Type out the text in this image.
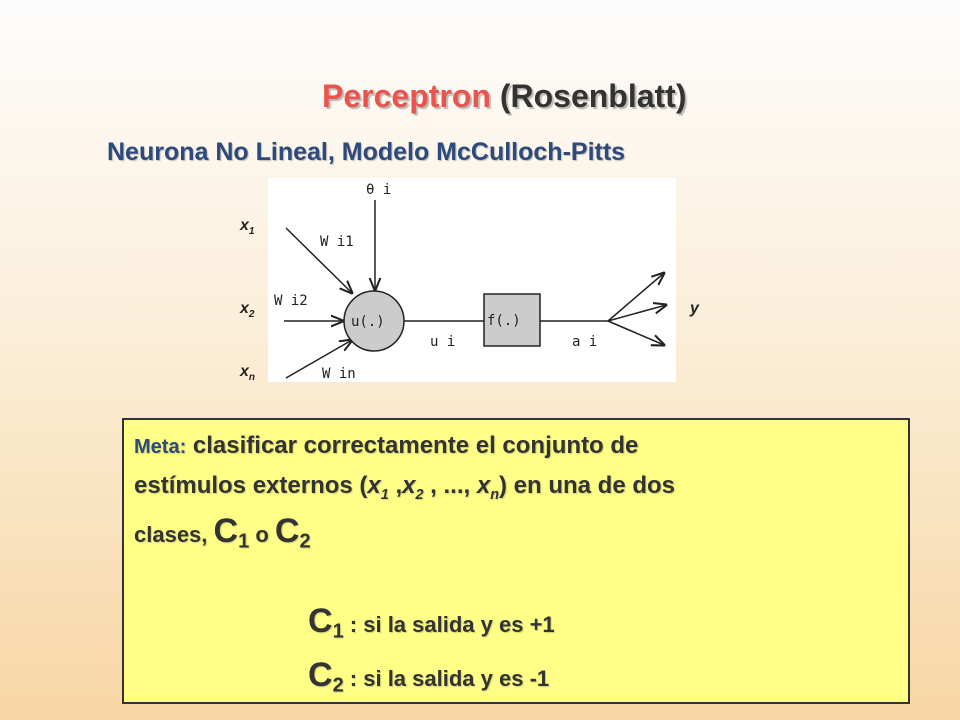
Perceptron (Rosenblatt)
Neurona No Lineal, Modelo McCulloch-Pitts
θ i
W i1
W i2
W in
u(.)
u i
f(.)
a i
$x_1$
$x_2$
$x_n$
y
Meta: clasificar correctamente el conjunto de
estímulos externos ($x_1$ $,x_2$ , ..., $x_n$) en una de dos
clases, $C_1$ o $C_2$
$C_1$ : si la salida y es +1
$C_2$ : si la salida y es -1
